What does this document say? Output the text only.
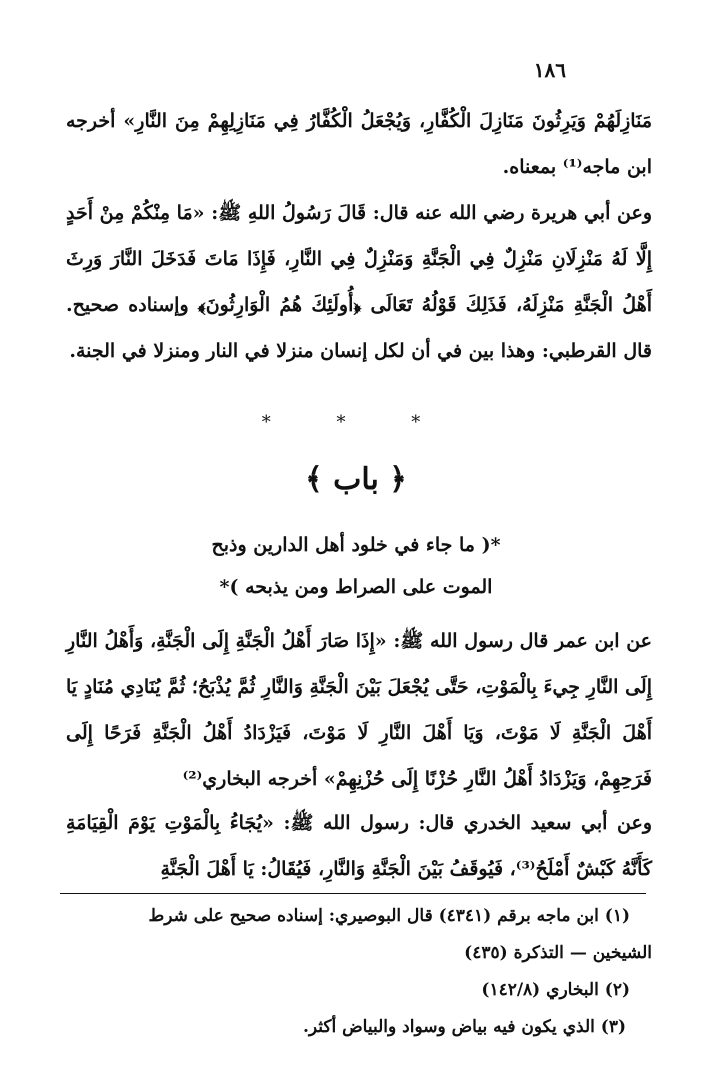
١٨٦

مَنَازِلَهُمْ وَيَرِثُونَ مَنَازِلَ الْكُفَّارِ، وَيُجْعَلُ الْكُفَّارُ فِي مَنَازِلِهِمْ مِنَ النَّارِ» أخرجه ابن ماجه⁽¹⁾ بمعناه.

وعن أبي هريرة رضي الله عنه قال: قَالَ رَسُولُ اللهِ ﷺ: «مَا مِنْكُمْ مِنْ أَحَدٍ إِلَّا لَهُ مَنْزِلَانِ مَنْزِلٌ فِي الْجَنَّةِ وَمَنْزِلٌ فِي النَّارِ، فَإِذَا مَاتَ فَدَخَلَ النَّارَ وَرِثَ أَهْلُ الْجَنَّةِ مَنْزِلَهُ، فَذَلِكَ قَوْلُهُ تَعَالَى ﴿أُولَئِكَ هُمُ الْوَارِثُونَ﴾ وإسناده صحيح. قال القرطبي: وهذا بين في أن لكل إنسان منزلا في النار ومنزلا في الجنة.

* * *
﴿ باب ﴾
*( ما جاء في خلود أهل الدارين وذبح
الموت على الصراط ومن يذبحه )*

عن ابن عمر قال رسول الله ﷺ: «إِذَا صَارَ أَهْلُ الْجَنَّةِ إِلَى الْجَنَّةِ، وَأَهْلُ النَّارِ إِلَى النَّارِ جِيءَ بِالْمَوْتِ، حَتَّى يُجْعَلَ بَيْنَ الْجَنَّةِ وَالنَّارِ ثُمَّ يُذْبَحُ؛ ثُمَّ يُنَادِي مُنَادٍ يَا أَهْلَ الْجَنَّةِ لَا مَوْتَ، وَيَا أَهْلَ النَّارِ لَا مَوْتَ، فَيَزْدَادُ أَهْلُ الْجَنَّةِ فَرَحًا إِلَى فَرَحِهِمْ، وَيَزْدَادُ أَهْلُ النَّارِ حُزْنًا إِلَى حُزْنِهِمْ» أخرجه البخاري⁽²⁾

وعن أبي سعيد الخدري قال: رسول الله ﷺ: «يُجَاءُ بِالْمَوْتِ يَوْمَ الْقِيَامَةِ كَأَنَّهُ كَبْشٌ أَمْلَحُ⁽³⁾، فَيُوقَفُ بَيْنَ الْجَنَّةِ وَالنَّارِ، فَيُقَالُ: يَا أَهْلَ الْجَنَّةِ

(١) ابن ماجه برقم (٤٣٤١) قال البوصيري: إسناده صحيح على شرط

الشيخين — التذكرة (٤٣٥)

(٢) البخاري (١٤٢/٨)

(٣) الذي يكون فيه بياض وسواد والبياض أكثر.
